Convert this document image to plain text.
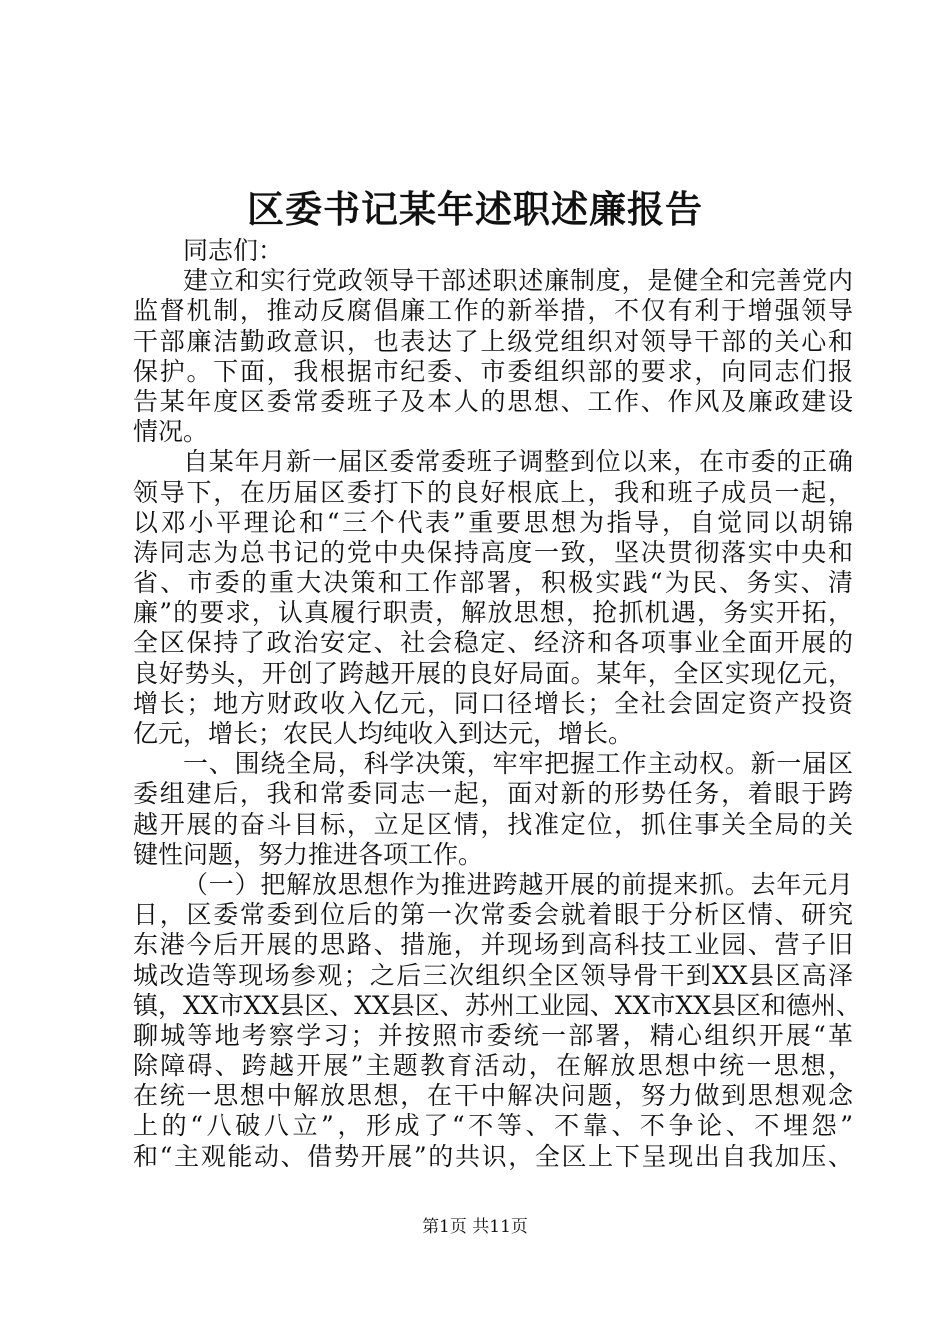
区委书记某年述职述廉报告
同志们：
建立和实行党政领导干部述职述廉制度，是健全和完善党内
监督机制，推动反腐倡廉工作的新举措，不仅有利于增强领导
干部廉洁勤政意识，也表达了上级党组织对领导干部的关心和
保护。下面，我根据市纪委、市委组织部的要求，向同志们报
告某年度区委常委班子及本人的思想、工作、作风及廉政建设
情况。
自某年月新一届区委常委班子调整到位以来，在市委的正确
领导下，在历届区委打下的良好根底上，我和班子成员一起，
以邓小平理论和“三个代表”重要思想为指导，自觉同以胡锦
涛同志为总书记的党中央保持高度一致，坚决贯彻落实中央和
省、市委的重大决策和工作部署，积极实践“为民、务实、清
廉”的要求，认真履行职责，解放思想，抢抓机遇，务实开拓，
全区保持了政治安定、社会稳定、经济和各项事业全面开展的
良好势头，开创了跨越开展的良好局面。某年，全区实现亿元，
增长；地方财政收入亿元，同口径增长；全社会固定资产投资
亿元，增长；农民人均纯收入到达元，增长。
一、围绕全局，科学决策，牢牢把握工作主动权。新一届区
委组建后，我和常委同志一起，面对新的形势任务，着眼于跨
越开展的奋斗目标，立足区情，找准定位，抓住事关全局的关
键性问题，努力推进各项工作。
（一）把解放思想作为推进跨越开展的前提来抓。去年元月
日，区委常委到位后的第一次常委会就着眼于分析区情、研究
东港今后开展的思路、措施，并现场到高科技工业园、营子旧
城改造等现场参观；之后三次组织全区领导骨干到XX县区高泽
镇，XX市XX县区、XX县区、苏州工业园、XX市XX县区和德州、
聊城等地考察学习；并按照市委统一部署，精心组织开展“革
除障碍、跨越开展”主题教育活动，在解放思想中统一思想，
在统一思想中解放思想，在干中解决问题，努力做到思想观念
上的“八破八立”，形成了“不等、不靠、不争论、不埋怨”
和“主观能动、借势开展”的共识，全区上下呈现出自我加压、
第1页 共11页
